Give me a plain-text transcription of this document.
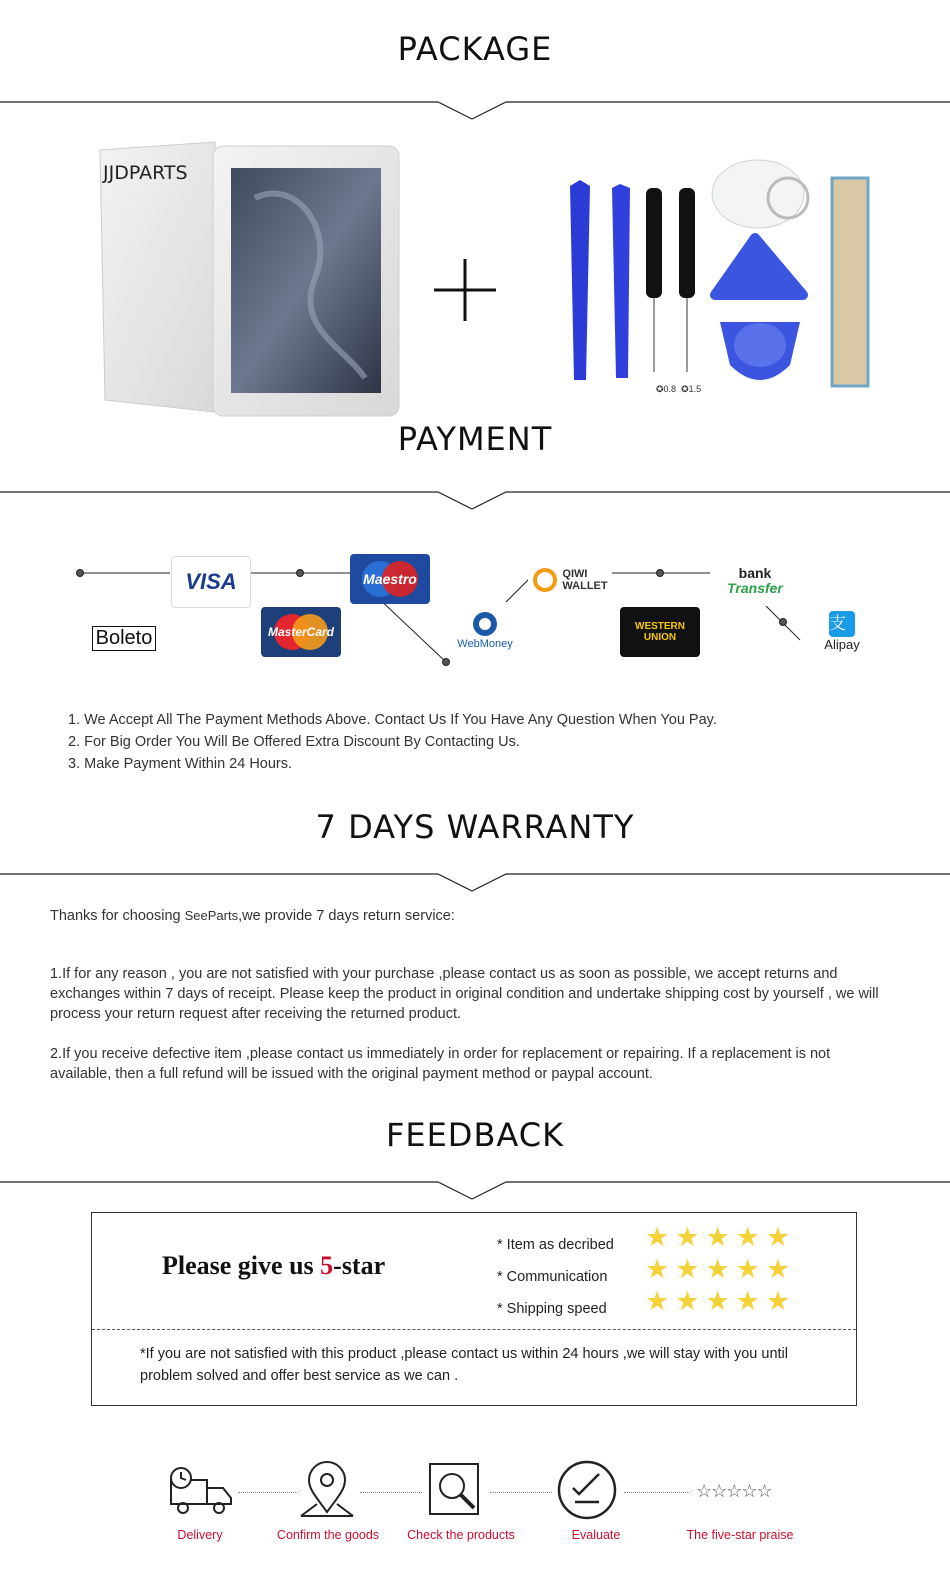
PACKAGE
JJDPARTS
✪0.8  ✪1.5
PAYMENT
VISA	Maestro	QIWI
WALLET
bank
Transfer
Boleto	MasterCard
WebMoney
WESTERN
UNION
支
Alipay
1. We Accept All The Payment Methods Above. Contact Us If You Have Any Question When You Pay.
2. For Big Order You Will Be Offered Extra Discount By Contacting Us.
3. Make Payment Within 24 Hours.
7 DAYS WARRANTY
Thanks for choosing SeeParts,we provide 7 days return service:
1.If for any reason , you are not satisfied with your purchase ,please contact us as soon as possible, we accept returns and exchanges within 7 days of receipt. Please keep the product in original condition and undertake shipping cost by yourself , we will process your return request after receiving the returned product.
2.If you receive defective item ,please contact us immediately in order for replacement or repairing. If a replacement is not available, then a full refund will be issued with the original payment method or paypal account.
FEEDBACK
Please give us 5-star
* Item as decribed
* Communication
* Shipping speed
★ ★ ★ ★ ★
★ ★ ★ ★ ★
★ ★ ★ ★ ★
*If you are not satisfied with this product ,please contact us within 24 hours ,we will stay with you until problem solved and offer best service as we can .
☆☆☆☆☆
Delivery	Confirm the goods	Check the products	Evaluate	The five-star praise
